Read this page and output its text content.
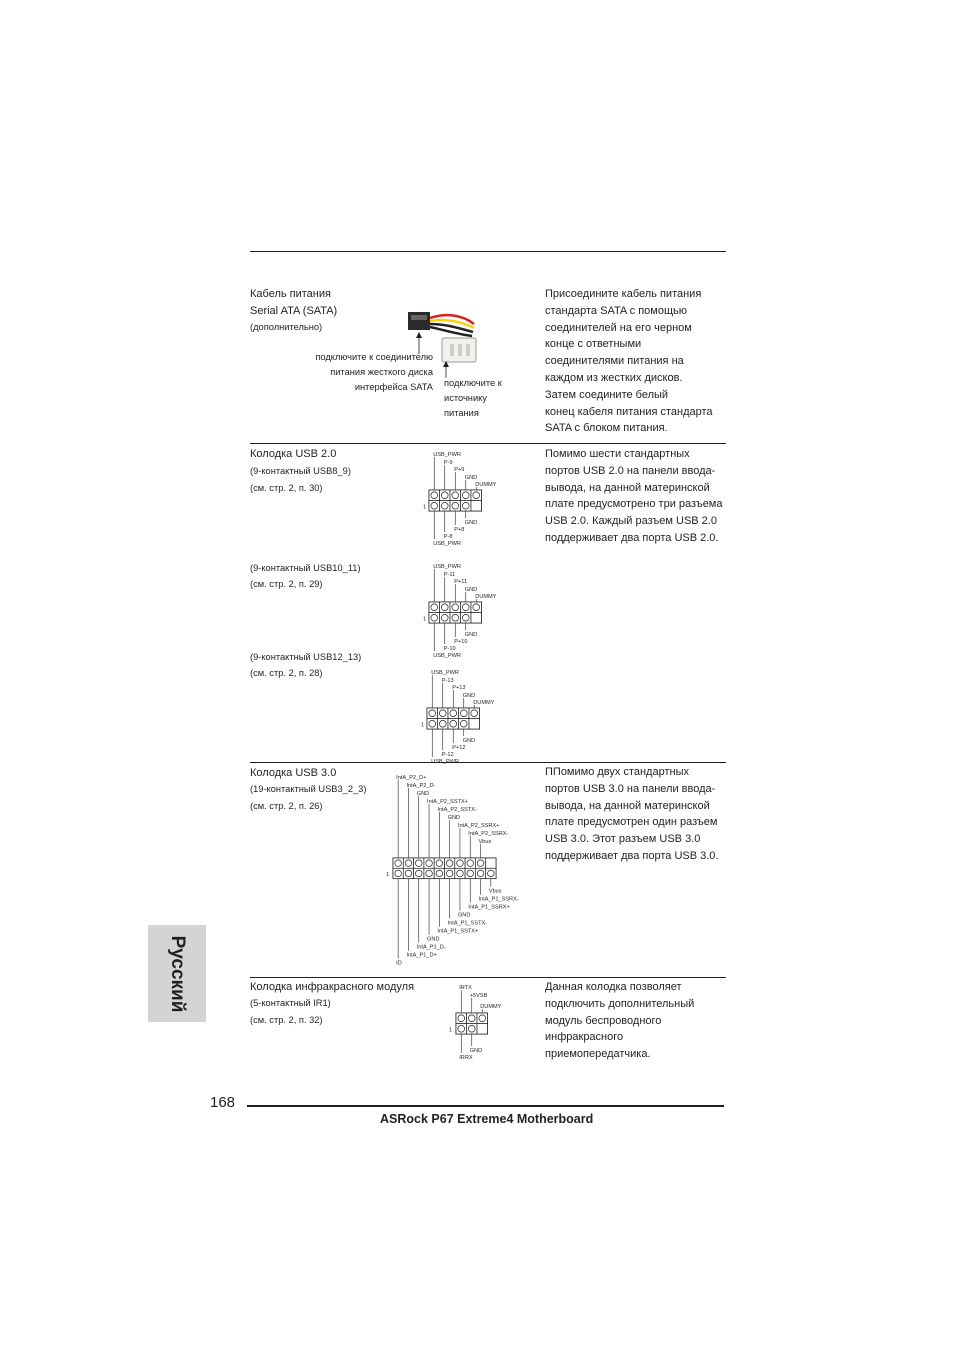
Кабель питания
Serial ATA (SATA)
(дополнительно)
подключите к соединителю
питания жесткого диска
интерфейса SATA подключите к
источнику
питания
Присоедините кабель питания
стандарта SATA с помощью
соединителей на его черном
конце с ответными
соединителями питания на
каждом из жестких дисков.
Затем соедините белый
конец кабеля питания стандарта
SATA с блоком питания.
Колодка USB 2.0
(9-контактный USB8_9)
(см. стр. 2, п. 30)
(9-контактный USB10_11)
(см. стр. 2, п. 29)
(9-контактный USB12_13)
(см. стр. 2, п. 28)
Помимо шести стандартных
портов USB 2.0 на панели ввода-
вывода, на данной материнской
плате предусмотрено три разъема
USB 2.0. Каждый разъем USB 2.0
поддерживает два порта USB 2.0.
1
USB_PWR
P-9
P+9
GND
DUMMY
GND
P+8
P-8
USB_PWR
1
USB_PWR
P-11
P+11
GND
DUMMY
GND
P+10
P-10
USB_PWR
1
USB_PWR
P-13
P+13
GND
DUMMY
GND
P+12
P-12
USB_PWR
Колодка USB 3.0
(19-контактный USB3_2_3)
(см. стр. 2, п. 26)
ППомимо двух стандартных
портов USB 3.0 на панели ввода-
вывода, на данной материнской
плате предусмотрен один разъем
USB 3.0. Этот разъем USB 3.0
поддерживает два порта USB 3.0.
1
IntA_P2_D+
IntA_P2_D-
GND
IntA_P2_SSTX+
IntA_P2_SSTX-
GND
IntA_P2_SSRX+
IntA_P2_SSRX-
Vbus
Vbus
IntA_P1_SSRX-
IntA_P1_SSRX+
GND
IntA_P1_SSTX-
IntA_P1_SSTX+
GND
IntA_P1_D-
IntA_P1_D+
ID
Колодка инфракрасного модуля
(5-контактный IR1)
(см. стр. 2, п. 32)
Данная колодка позволяет
подключить дополнительный
модуль беспроводного
инфракрасного
приемопередатчика.
1
IRTX
+5VSB
DUMMY
GND
IRRX
Русский
168
ASRock P67 Extreme4 Motherboard
